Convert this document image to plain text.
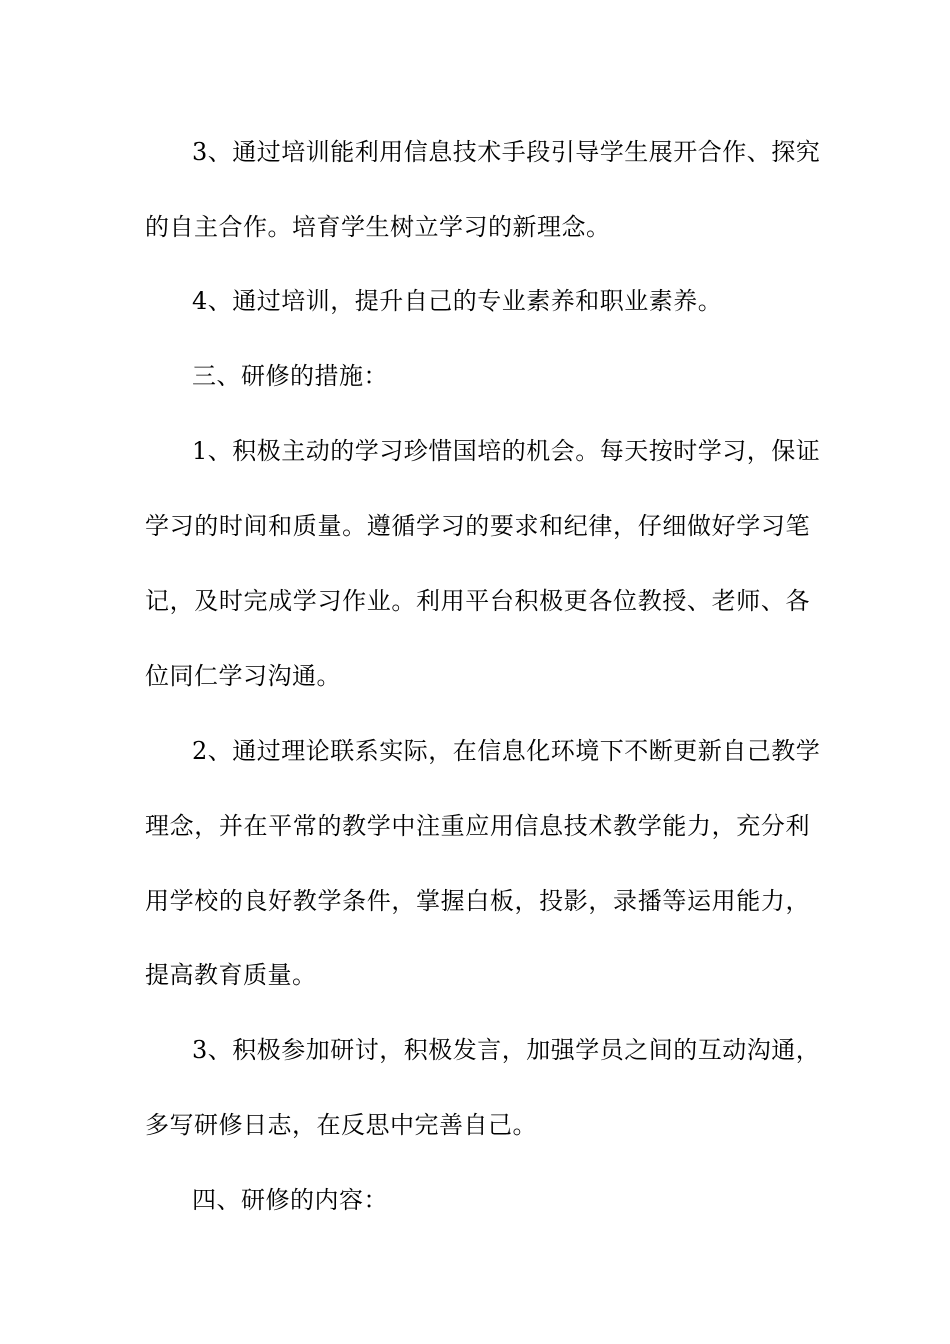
3、通过培训能利用信息技术手段引导学生展开合作、探究
的自主合作。培育学生树立学习的新理念。
4、通过培训，提升自己的专业素养和职业素养。
三、研修的措施：
1、积极主动的学习珍惜国培的机会。每天按时学习，保证
学习的时间和质量。遵循学习的要求和纪律，仔细做好学习笔
记，及时完成学习作业。利用平台积极更各位教授、老师、各
位同仁学习沟通。
2、通过理论联系实际，在信息化环境下不断更新自己教学
理念，并在平常的教学中注重应用信息技术教学能力，充分利
用学校的良好教学条件，掌握白板，投影，录播等运用能力，
提高教育质量。
3、积极参加研讨，积极发言，加强学员之间的互动沟通，
多写研修日志，在反思中完善自己。
四、研修的内容：
